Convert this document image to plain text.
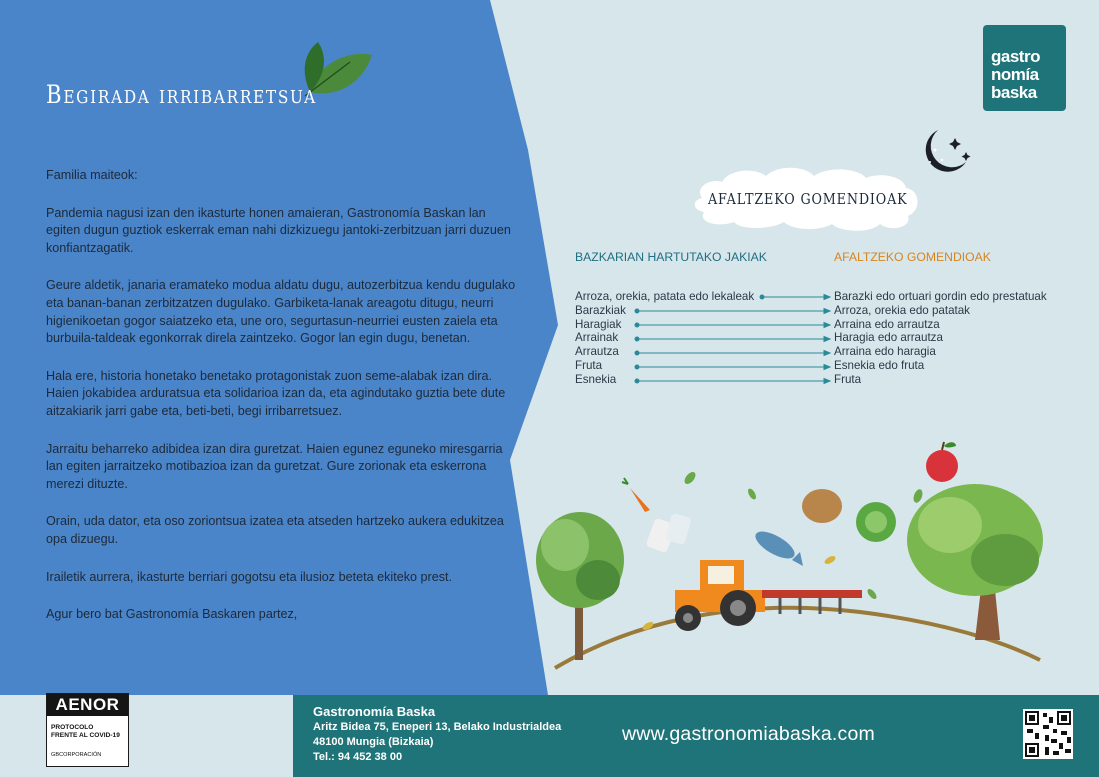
Begirada irribarretsua

Familia maiteok:

Pandemia nagusi izan den ikasturte honen amaieran, Gastronomía Baskan lan egiten dugun guztiok eskerrak eman nahi dizkizuegu jantoki-zerbitzuan jarri duzuen konfiantzagatik.

Geure aldetik, janaria eramateko modua aldatu dugu, autozerbitzua kendu dugulako eta banan-banan zerbitzatzen dugulako. Garbiketa-lanak areagotu ditugu, neurri higienikoetan gogor saiatzeko eta, une oro, segurtasun-neurriei eusten zaiela eta burbuila-taldeak egonkorrak direla zaintzeko. Gogor lan egin dugu, benetan.

Hala ere, historia honetako benetako protagonistak zuon seme-alabak izan dira. Haien jokabidea arduratsua eta solidarioa izan da, eta agindutako guztia bete dute aitzakiarik jarri gabe eta, beti-beti, begi irribarretsuez.

Jarraitu beharreko adibidea izan dira guretzat. Haien egunez eguneko miresgarria lan egiten jarraitzeko motibazioa izan da guretzat. Gure zorionak eta eskerrona merezi dituzte.

Orain, uda dator, eta oso zoriontsua izatea eta atseden hartzeko aukera edukitzea opa dizuegu.

Irailetik aurrera, ikasturte berriari gogotsu eta ilusioz beteta ekiteko prest.

Agur bero bat Gastronomía Baskaren partez,

gastro
nomía
baska
AFALTZEKO GOMENDIOAK
BAZKARIAN HARTUTAKO JAKIAK	AFALTZEKO GOMENDIOAK
Arroza, orekia, patata edo lekaleak
Barazkiak
Haragiak
Arrainak
Arrautza
Fruta
Esnekia
Barazki edo ortuari gordin edo prestatuak
Arroza, orekia edo patatak
Arraina edo arrautza
Haragia edo arrautza
Arraina edo haragia
Esnekia edo fruta
Fruta
Gastronomía Baska
Aritz Bidea 75, Eneperi 13, Belako Industrialdea
48100 Mungia (Bizkaia)
Tel.: 94 452 38 00
www.gastronomiabaska.com
AENOR
PROTOCOLO
FRENTE AL COVID-19
GBCORPORACIÓN
